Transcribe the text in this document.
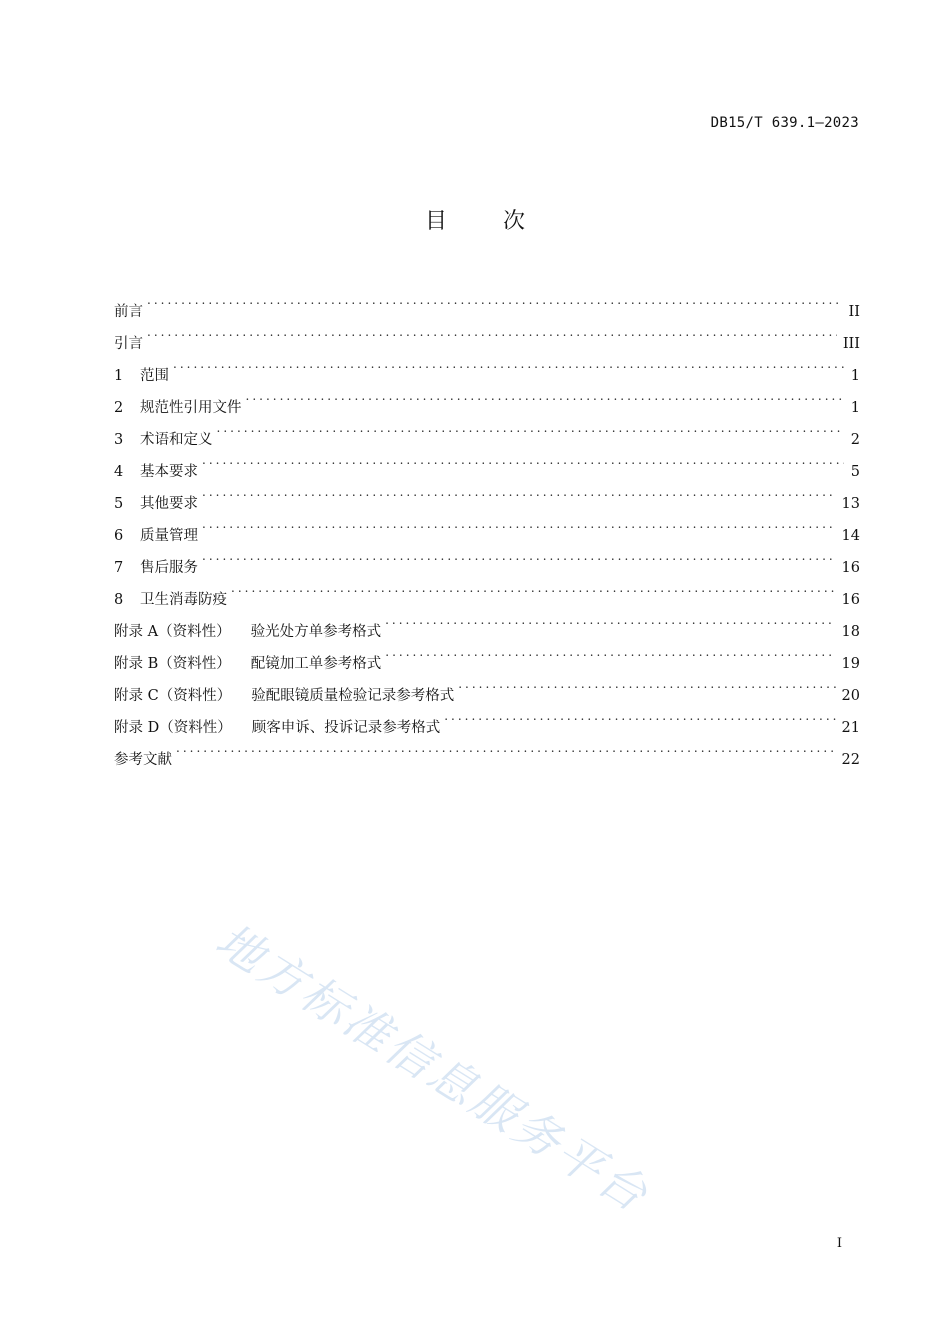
DB15/T 639.1—2023
目次
前言 .....	II
引言 .....	III
1	范围 .....	1
2	规范性引用文件 .....	1
3	术语和定义 .....	2
4	基本要求 .....	5
5	其他要求 .....	13
6	质量管理 .....	14
7	售后服务 .....	16
8	卫生消毒防疫 .....	16
附录 A（资料性） 验光处方单参考格式 .....	18
附录 B（资料性） 配镜加工单参考格式 .....	19
附录 C（资料性） 验配眼镜质量检验记录参考格式 .....	20
附录 D（资料性） 顾客申诉、投诉记录参考格式 .....	21
参考文献 .....	22
地方标准信息服务平台
I
